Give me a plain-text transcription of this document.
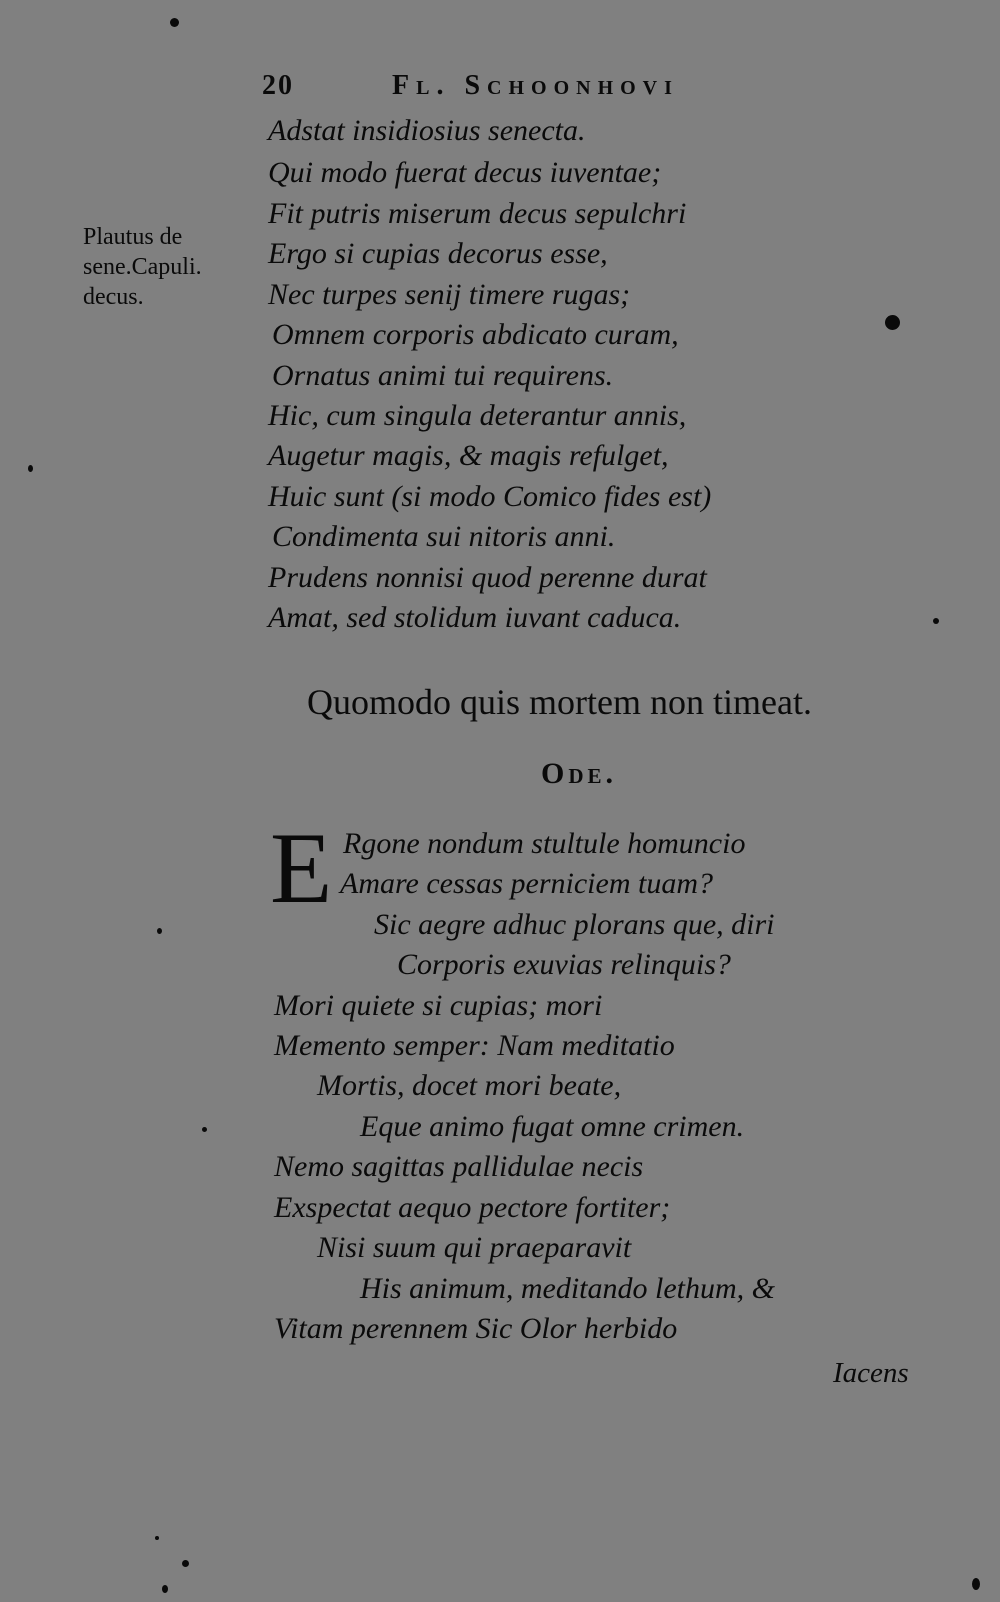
20	Fl. Schoonhovi
Plautus de
sene.Capuli.
decus.
Adstat insidiosius senecta.
Qui modo fuerat decus iuventae;
Fit putris miserum decus sepulchri
Ergo si cupias decorus esse,
Nec turpes senij timere rugas;
Omnem corporis abdicato curam,
Ornatus animi tui requirens.
Hic, cum singula deterantur annis,
Augetur magis, & magis refulget,
Huic sunt (si modo Comico fides est)
Condimenta sui nitoris anni.
Prudens nonnisi quod perenne durat
Amat, sed stolidum iuvant caduca.
Quomodo quis mortem non timeat.
Ode.
E Rgone nondum stultule homuncio
Amare cessas perniciem tuam?
Sic aegre adhuc plorans que, diri
Corporis exuvias relinquis?
Mori quiete si cupias; mori
Memento semper: Nam meditatio
Mortis, docet mori beate,
Eque animo fugat omne crimen.
Nemo sagittas pallidulae necis
Exspectat aequo pectore fortiter;
Nisi suum qui praeparavit
His animum, meditando lethum, &
Vitam perennem Sic Olor herbido
Iacens
